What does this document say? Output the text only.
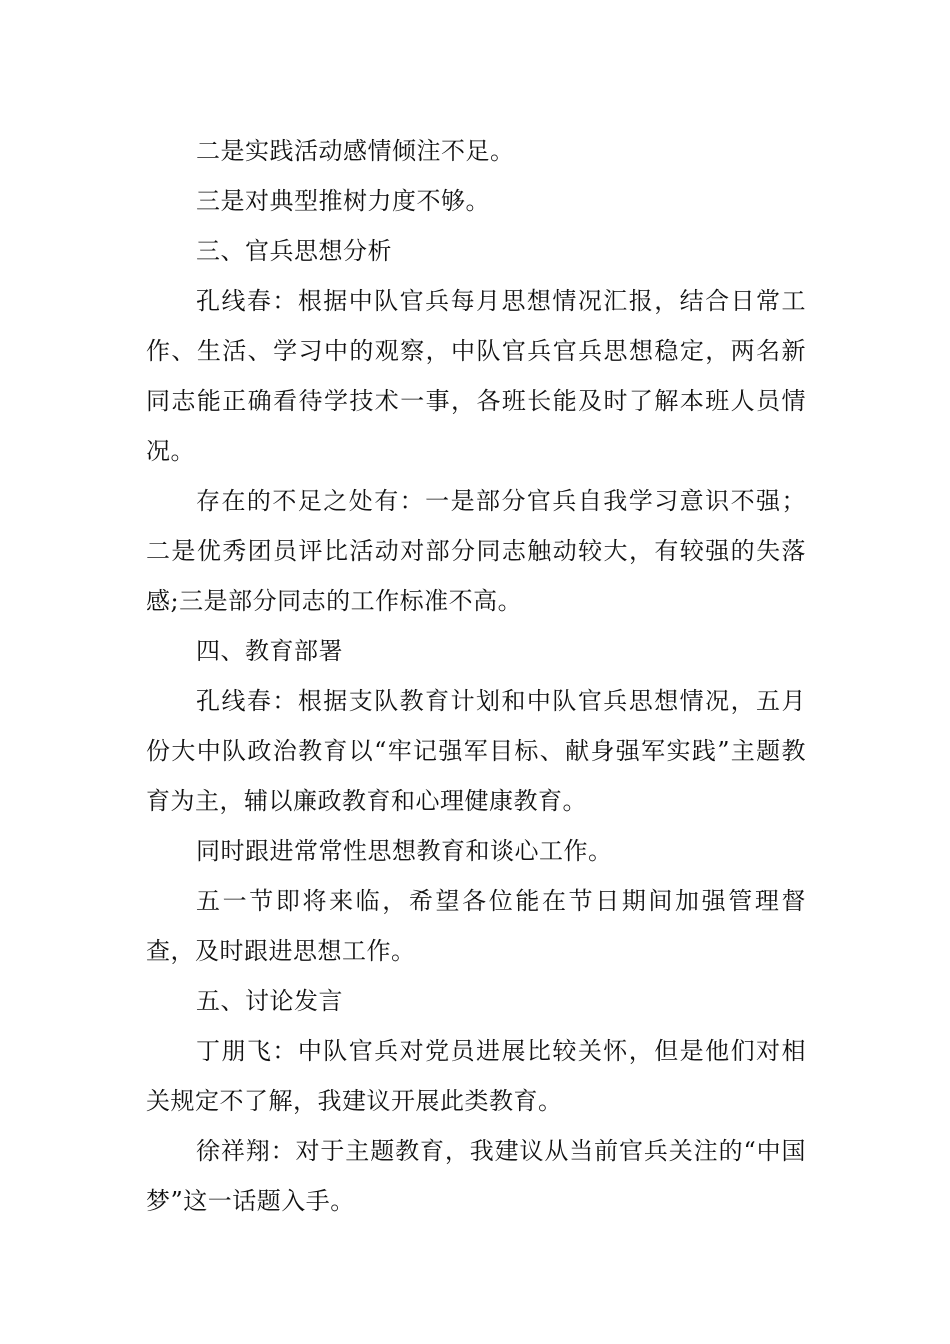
二是实践活动感情倾注不足。

三是对典型推树力度不够。

三、官兵思想分析

孔线春：根据中队官兵每月思想情况汇报，结合日常工作、生活、学习中的观察，中队官兵官兵思想稳定，两名新同志能正确看待学技术一事，各班长能及时了解本班人员情况。

存在的不足之处有：一是部分官兵自我学习意识不强；二是优秀团员评比活动对部分同志触动较大，有较强的失落感;三是部分同志的工作标准不高。

四、教育部署

孔线春：根据支队教育计划和中队官兵思想情况，五月份大中队政治教育以“牢记强军目标、献身强军实践”主题教育为主，辅以廉政教育和心理健康教育。

同时跟进常常性思想教育和谈心工作。

五一节即将来临，希望各位能在节日期间加强管理督查，及时跟进思想工作。

五、讨论发言

丁朋飞：中队官兵对党员进展比较关怀，但是他们对相关规定不了解，我建议开展此类教育。

徐祥翔：对于主题教育，我建议从当前官兵关注的“中国梦”这一话题入手。
